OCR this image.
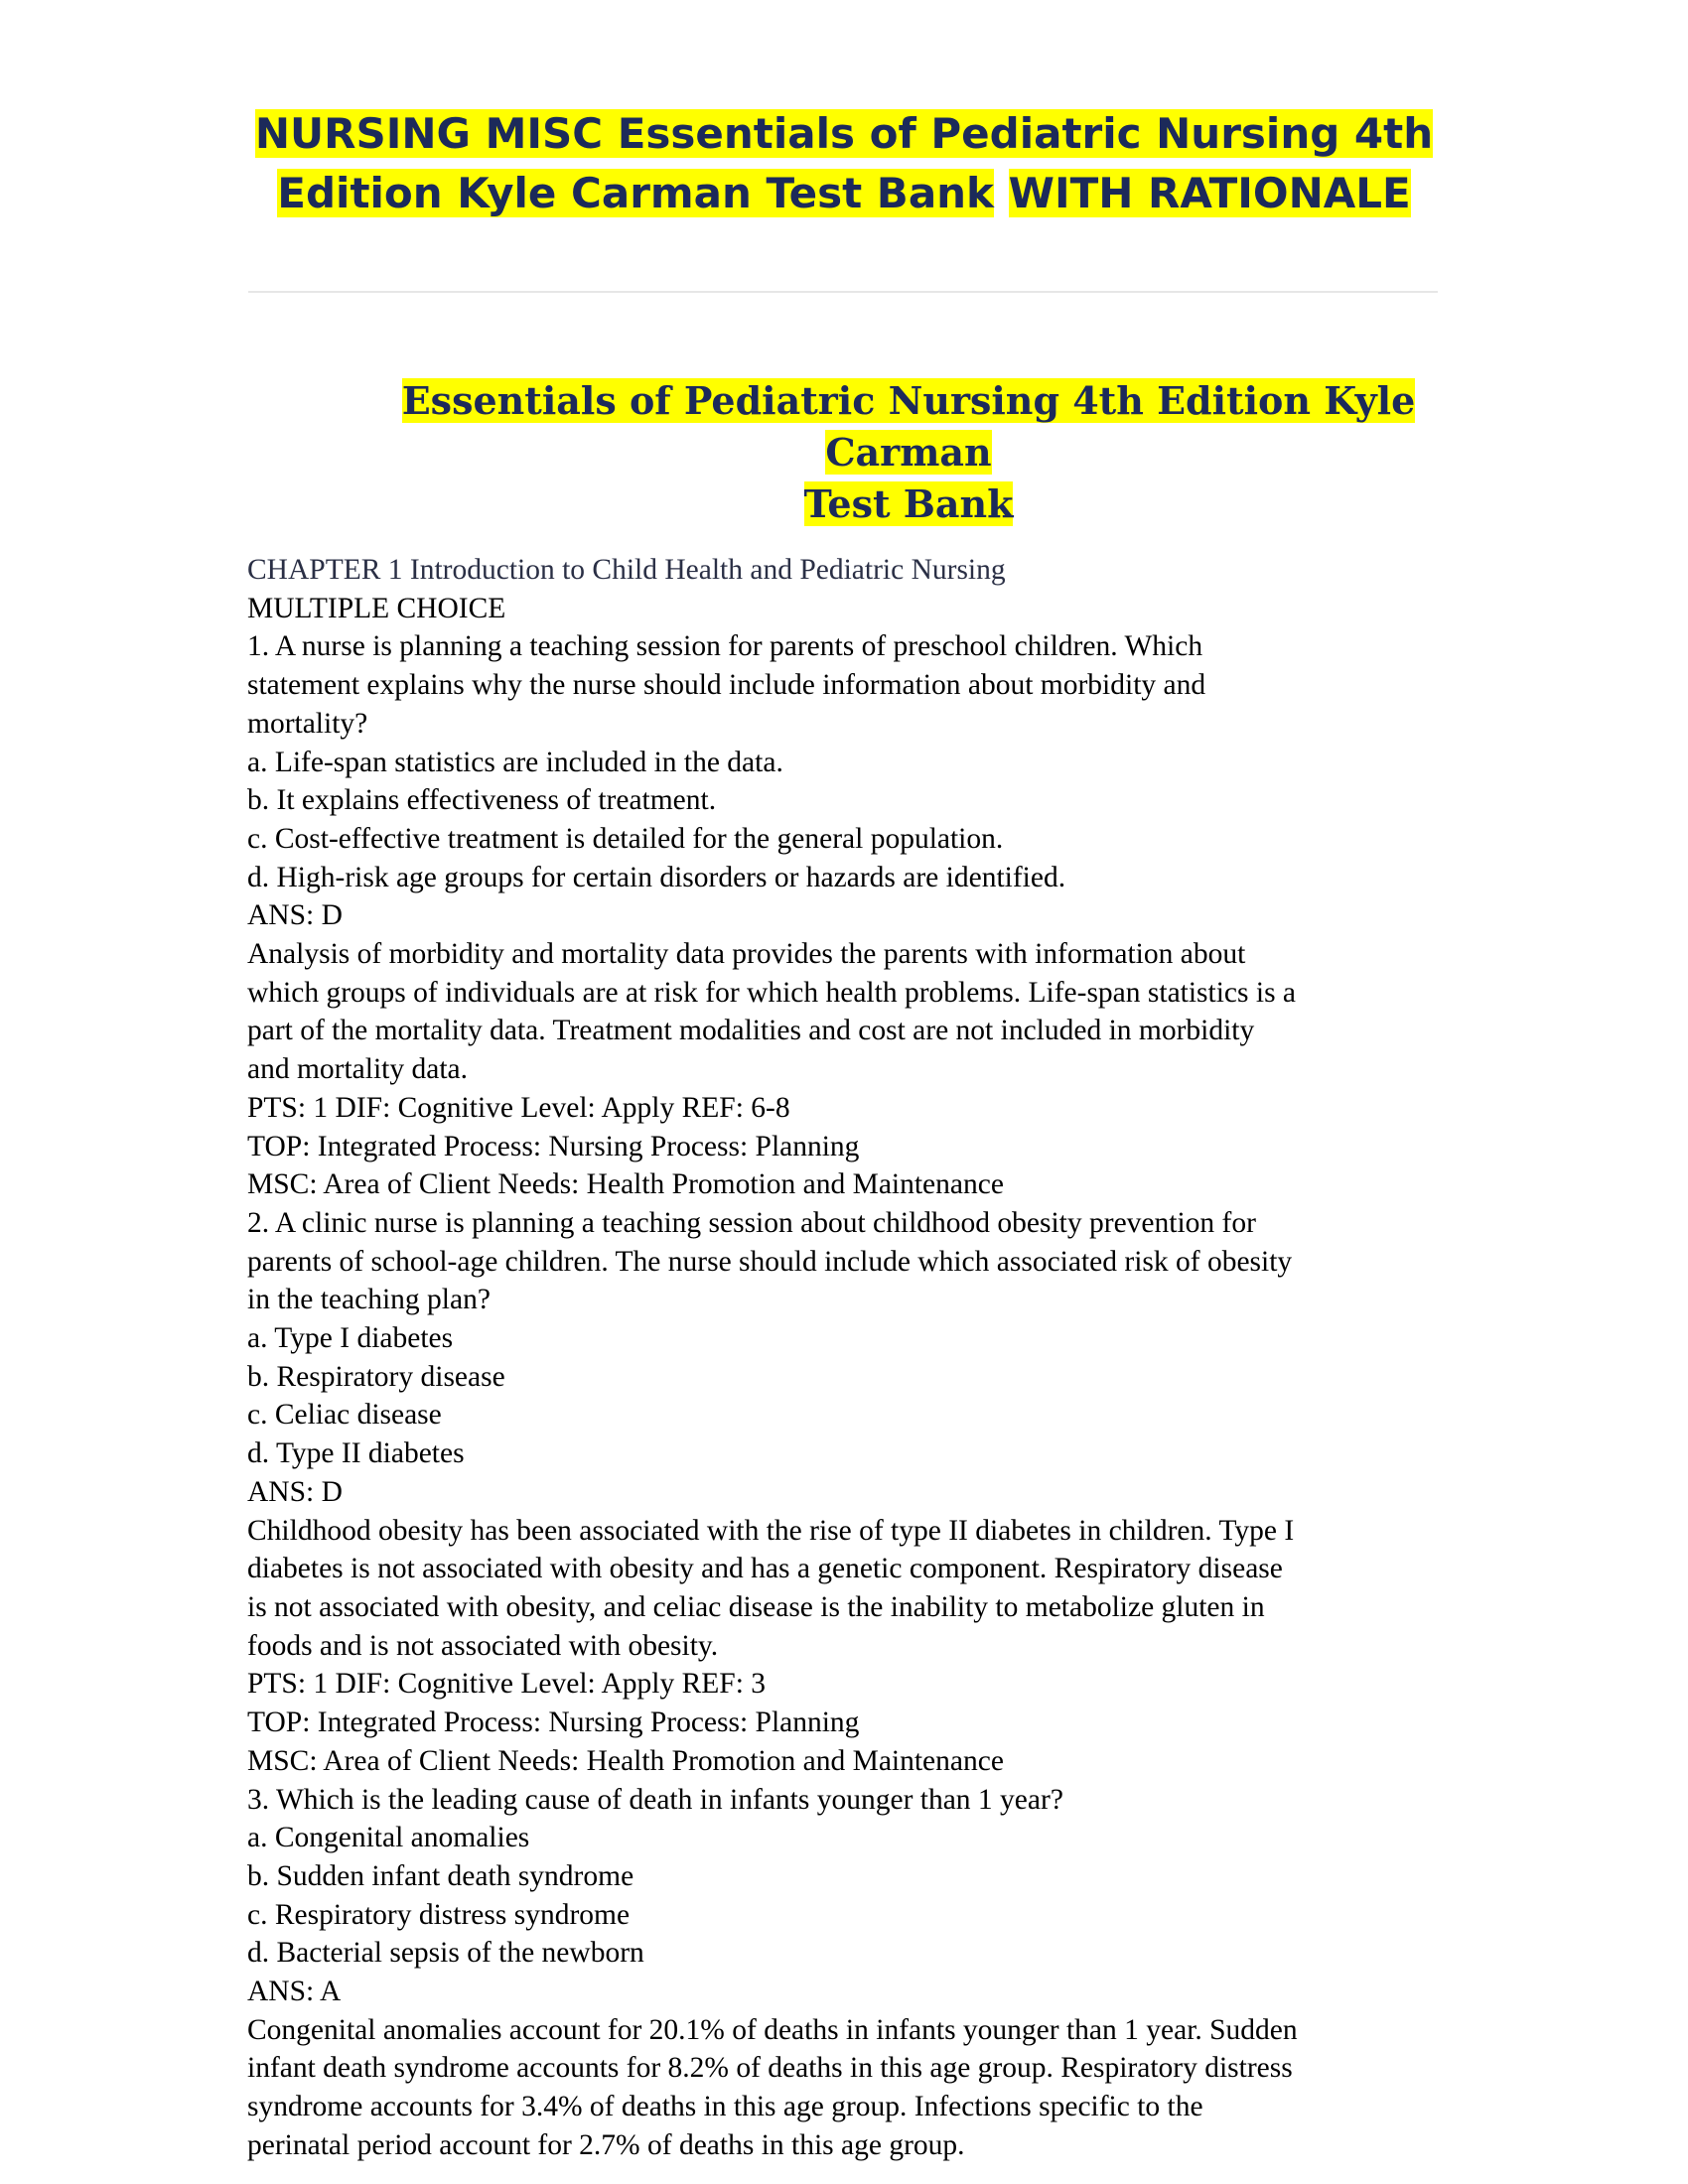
NURSING MISC Essentials of Pediatric Nursing 4th
Edition Kyle Carman Test Bank WITH RATIONALE
Essentials of Pediatric Nursing 4th Edition Kyle Carman
Test Bank

CHAPTER 1 Introduction to Child Health and Pediatric Nursing

MULTIPLE CHOICE

1. A nurse is planning a teaching session for parents of preschool children. Which

statement explains why the nurse should include information about morbidity and

mortality?

a. Life-span statistics are included in the data.

b. It explains effectiveness of treatment.

c. Cost-effective treatment is detailed for the general population.

d. High-risk age groups for certain disorders or hazards are identified.

ANS: D

Analysis of morbidity and mortality data provides the parents with information about

which groups of individuals are at risk for which health problems. Life-span statistics is a

part of the mortality data. Treatment modalities and cost are not included in morbidity

and mortality data.

PTS: 1 DIF: Cognitive Level: Apply REF: 6-8

TOP: Integrated Process: Nursing Process: Planning

MSC: Area of Client Needs: Health Promotion and Maintenance

2. A clinic nurse is planning a teaching session about childhood obesity prevention for

parents of school-age children. The nurse should include which associated risk of obesity

in the teaching plan?

a. Type I diabetes

b. Respiratory disease

c. Celiac disease

d. Type II diabetes

ANS: D

Childhood obesity has been associated with the rise of type II diabetes in children. Type I

diabetes is not associated with obesity and has a genetic component. Respiratory disease

is not associated with obesity, and celiac disease is the inability to metabolize gluten in

foods and is not associated with obesity.

PTS: 1 DIF: Cognitive Level: Apply REF: 3

TOP: Integrated Process: Nursing Process: Planning

MSC: Area of Client Needs: Health Promotion and Maintenance

3. Which is the leading cause of death in infants younger than 1 year?

a. Congenital anomalies

b. Sudden infant death syndrome

c. Respiratory distress syndrome

d. Bacterial sepsis of the newborn

ANS: A

Congenital anomalies account for 20.1% of deaths in infants younger than 1 year. Sudden

infant death syndrome accounts for 8.2% of deaths in this age group. Respiratory distress

syndrome accounts for 3.4% of deaths in this age group. Infections specific to the

perinatal period account for 2.7% of deaths in this age group.
